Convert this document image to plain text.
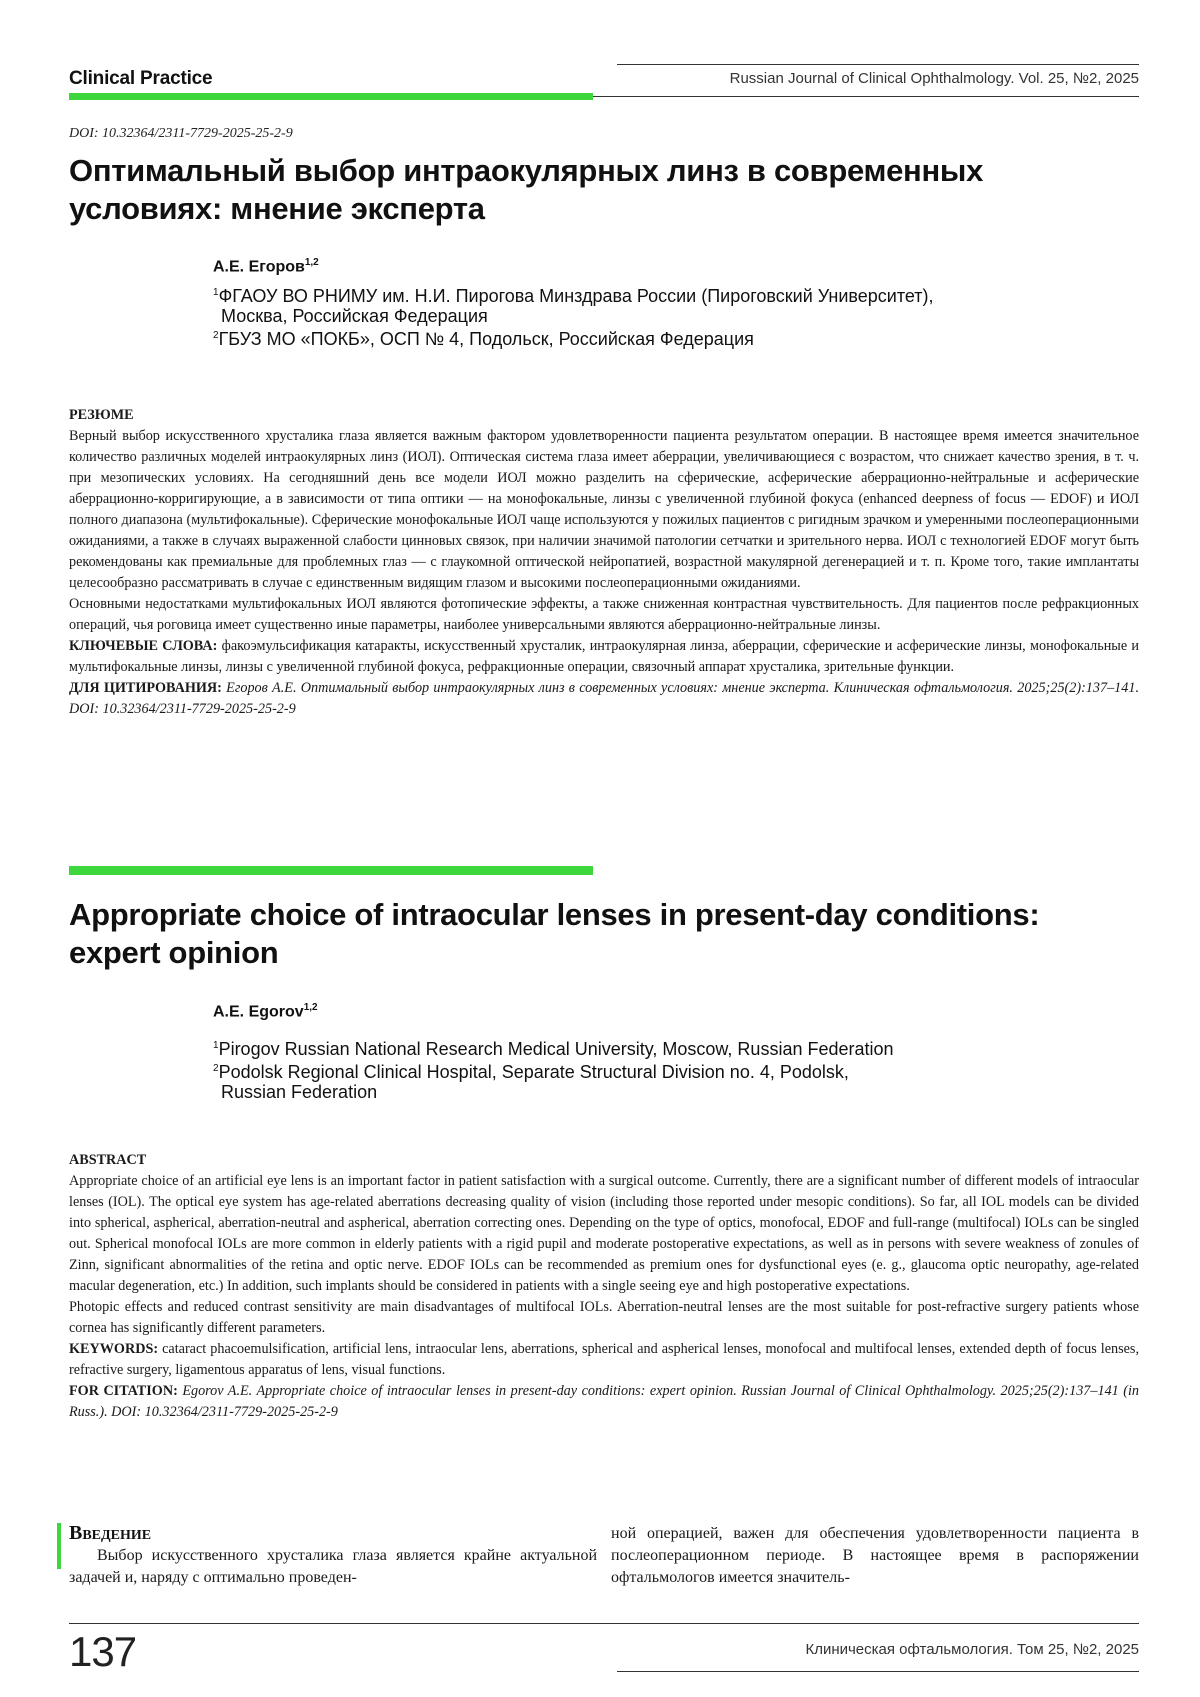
Clinical Practice	Russian Journal of Clinical Ophthalmology. Vol. 25, №2, 2025
DOI: 10.32364/2311-7729-2025-25-2-9
Оптимальный выбор интраокулярных линз в современных
условиях: мнение эксперта
А.Е. Егоров1,2
1ФГАОУ ВО РНИМУ им. Н.И. Пирогова Минздрава России (Пироговский Университет),
Москва, Российская Федерация
2ГБУЗ МО «ПОКБ», ОСП № 4, Подольск, Российская Федерация

РЕЗЮМЕ

Верный выбор искусственного хрусталика глаза является важным фактором удовлетворенности пациента результатом операции. В настоящее время имеется значительное количество различных моделей интраокулярных линз (ИОЛ). Оптическая система глаза имеет аберрации, увеличивающиеся с возрастом, что снижает качество зрения, в т. ч. при мезопических условиях. На сегодняшний день все модели ИОЛ можно разделить на сферические, асферические аберрационно-нейтральные и асферические аберрационно-корригирующие, а в зависимости от типа оптики — на монофокальные, линзы с увеличенной глубиной фокуса (enhanced deepness of focus — EDOF) и ИОЛ полного диапазона (мультифокальные). Сферические монофокальные ИОЛ чаще используются у пожилых пациентов с ригидным зрачком и умеренными послеоперационными ожиданиями, а также в случаях выраженной слабости цинновых связок, при наличии значимой патологии сетчатки и зрительного нерва. ИОЛ с технологией EDOF могут быть рекомендованы как премиальные для проблемных глаз — с глаукомной оптической нейропатией, возрастной макулярной дегенерацией и т. п. Кроме того, такие имплантаты целесообразно рассматривать в случае с единственным видящим глазом и высокими послеоперационными ожиданиями.

Основными недостатками мультифокальных ИОЛ являются фотопические эффекты, а также сниженная контрастная чувствительность. Для пациентов после рефракционных операций, чья роговица имеет существенно иные параметры, наиболее универсальными являются аберрационно-нейтральные линзы.

КЛЮЧЕВЫЕ СЛОВА: факоэмульсификация катаракты, искусственный хрусталик, интраокулярная линза, аберрации, сферические и асферические линзы, монофокальные и мультифокальные линзы, линзы с увеличенной глубиной фокуса, рефракционные операции, связочный аппарат хрусталика, зрительные функции.

ДЛЯ ЦИТИРОВАНИЯ: Егоров А.Е. Оптимальный выбор интраокулярных линз в современных условиях: мнение эксперта. Клиническая офтальмология. 2025;25(2):137–141. DOI: 10.32364/2311-7729-2025-25-2-9

Appropriate choice of intraocular lenses in present-day conditions:
expert opinion
A.E. Egorov1,2
1Pirogov Russian National Research Medical University, Moscow, Russian Federation
2Podolsk Regional Clinical Hospital, Separate Structural Division no. 4, Podolsk,
Russian Federation

ABSTRACT

Appropriate choice of an artificial eye lens is an important factor in patient satisfaction with a surgical outcome. Currently, there are a significant number of different models of intraocular lenses (IOL). The optical eye system has age-related aberrations decreasing quality of vision (including those reported under mesopic conditions). So far, all IOL models can be divided into spherical, aspherical, aberration-neutral and aspherical, aberration correcting ones. Depending on the type of optics, monofocal, EDOF and full-range (multifocal) IOLs can be singled out. Spherical monofocal IOLs are more common in elderly patients with a rigid pupil and moderate postoperative expectations, as well as in persons with severe weakness of zonules of Zinn, significant abnormalities of the retina and optic nerve. EDOF IOLs can be recommended as premium ones for dysfunctional eyes (e. g., glaucoma optic neuropathy, age-related macular degeneration, etc.) In addition, such implants should be considered in patients with a single seeing eye and high postoperative expectations.

Photopic effects and reduced contrast sensitivity are main disadvantages of multifocal IOLs. Aberration-neutral lenses are the most suitable for post-refractive surgery patients whose cornea has significantly different parameters.

KEYWORDS: cataract phacoemulsification, artificial lens, intraocular lens, aberrations, spherical and aspherical lenses, monofocal and multifocal lenses, extended depth of focus lenses, refractive surgery, ligamentous apparatus of lens, visual functions.

FOR CITATION: Egorov A.E. Appropriate choice of intraocular lenses in present-day conditions: expert opinion. Russian Journal of Clinical Ophthalmology. 2025;25(2):137–141 (in Russ.). DOI: 10.32364/2311-7729-2025-25-2-9

Введение
Выбор искусственного хрусталика глаза является крайне актуальной задачей и, наряду с оптимально проведен-
ной операцией, важен для обеспечения удовлетворенности пациента в послеоперационном периоде. В настоящее время в распоряжении офтальмологов имеется значитель-
137	Клиническая офтальмология. Том 25, №2, 2025
